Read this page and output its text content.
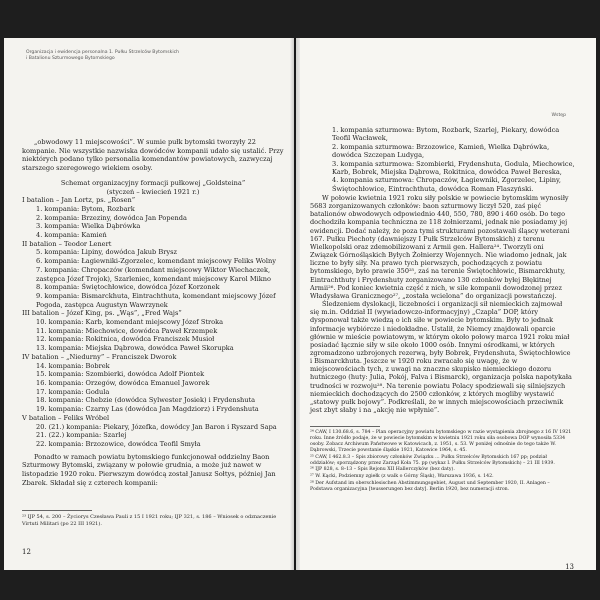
Organizacja i ewidencja personalna 1. Pułku Strzelców Bytomskich
i Batalionu Szturmowego Bytomskiego

„obwodowy 11 miejscowości”. W sumie pułk bytomski tworzyły 22 kompanie. Nie wszystkie nazwiska dowódców kompanii udało się ustalić. Przy niektórych podano tylko personalia komendantów powiatowych, zazwyczaj starszego szeregowego wiekiem osoby.

Schemat organizacyjny formacji pułkowej „Goldsteina”

(styczeń – kwiecień 1921 r.)

I batalion – Jan Lortz, ps. „Rosen”

1. kompania: Bytom, Rozbark

2. kompania: Brzeziny, dowódca Jan Popenda

3. kompania: Wielka Dąbrówka

4. kompania: Kamień

II batalion – Teodor Lenert

5. kompania: Lipiny, dowódca Jakub Brysz

6. kompania: Łagiewniki-Zgorzelec, komendant miejscowy Feliks Wolny

7. kompania: Chropaczów (komendant miejscowy Wiktor Wiechaczek, zastępca Józef Trojok), Szarleniec, komendant miejscowy Karol Mikno

8. kompania: Świętochłowice, dowódca Józef Korzonek

9. kompania: Bismarckhuta, Eintrachthuta, komendant miejscowy Józef Pogoda, zastępca Augustyn Wawrzynek

III batalion – Józef King, ps. „Wąs”, „Fred Wajs”

10. kompania: Karb, komendant miejscowy Józef Stroka

11. kompania: Miechowice, dowódca Paweł Krzempek

12. kompania: Rokitnica, dowódca Franciszek Musioł

13. kompania: Miejska Dąbrowa, dowódca Paweł Skorupka

IV batalion – „Niedurny” – Franciszek Dworok

14. kompania: Bobrek

15. kompania: Szombierki, dowódca Adolf Piontek

16. kompania: Orzegów, dowódca Emanuel Jaworek

17. kompania: Godula

18. kompania: Chebzie (dowódca Sylwester Josiek) i Frydenshuta

19. kompania: Czarny Las (dowódca Jan Magdziorz) i Frydenshuta

V batalion – Feliks Wróbel

20. (21.) kompania: Piekary, Józefka, dowódcy Jan Baron i Ryszard Sapa

21. (22.) kompania: Szarlej

22. kompania: Brzozowice, dowódca Teofil Smyła

Ponadto w ramach powiatu bytomskiego funkcjonował oddzielny Baon Szturmowy Bytomski, związany w połowie grudnia, a może już nawet w listopadzie 1920 roku. Pierwszym dowódcą został Janusz Sołtys, później Jan Zbarek. Składał się z czterech kompanii:

²³ IJP 54, s. 200 – Życiorys Czesława Pauli z 15 I 1921 roku; IJP 321, s. 186 – Wniosek o odznaczenie Virtuti Militari (po 22 III 1921).
12
Wstęp

1. kompania szturmowa: Bytom, Rozbark, Szarlej, Piekary, dowódca Teofil Wacławek,

2. kompania szturmowa: Brzozowice, Kamień, Wielka Dąbrówka, dowódca Szczepan Ludyga,

3. kompania szturmowa: Szombierki, Frydenshuta, Godula, Miechowice, Karb, Bobrek, Miejska Dąbrowa, Rokitnica, dowódca Paweł Bereska,

4. kompania szturmowa: Chropaczów, Łagiewniki, Zgorzelec, Lipiny, Świętochłowice, Eintrachthuta, dowódca Roman Flaszyński.

W połowie kwietnia 1921 roku siły polskie w powiecie bytomskim wynosiły 5683 zorganizowanych członków: baon szturmowy liczył 520, zaś pięć batalionów obwodowych odpowiednio 440, 550, 780, 890 i 460 osób. Do tego dochodziła kompania techniczna ze 118 żołnierzami, jednak nie posiadamy jej ewidencji. Dodać należy, że poza tymi strukturami pozostawali śląscy weterani 167. Pułku Piechoty (dawniejszy I Pułk Strzelców Bytomskich) z terenu Wielkopolski oraz zdemobilizowani z Armii gen. Hallera²⁴. Tworzyli oni Związek Górnośląskich Byłych Żołnierzy Wojennych. Nie wiadomo jednak, jak liczne to były siły. Na prawo tych pierwszych, pochodzących z powiatu bytomskiego, było prawie 350²⁵, zaś na terenie Świętochłowic, Bismarckhuty, Eintrachthuty i Frydenshuty zorganizowano 130 członków byłej Błękitnej Armii²⁶. Pod koniec kwietnia część z nich, w sile kompanii dowodzonej przez Władysława Granicznego²⁷, „została wcielona” do organizacji powstańczej.

Śledzeniem dyslokacji, liczebności i organizacji sił niemieckich zajmował się m.in. Oddział II (wywiadowczo-informacyjny) „Czapla” DOP, który dysponował także wiedzą o ich siłe w powiecie bytomskim. Były to jednak informacje wybiórcze i niedokładne. Ustalił, że Niemcy znajdowali oparcie głównie w mieście powiatowym, w którym około połowy marca 1921 roku miał posiadać łącznie siły w sile około 1000 osób. Innymi ośrodkami, w których zgromadzono uzbrojonych rezerwą, były Bobrek, Frydenshuta, Świętochłowice i Bismarckhuta. Jeszcze w 1920 roku zwracało się uwagę, że w miejscowościach tych, z uwagi na znaczne skupisko niemieckiego dozoru hutniczego (huty: Julia, Pokój, Falva i Bismarck), organizacja polska napotykała trudności w rozwoju²⁸. Na terenie powiatu Polacy spodziewali się silniejszych niemieckich dochodzących do 2500 członków, z których mogliby wystawić „statowy pułk bojowy”. Podkreślali, że w innych miejscowościach przeciwnik jest zbyt słaby i na „akcję nie wpłynie”.

²⁴ CAW, I 130.68.6, s. 784 – Plan operacyjny powiatu bytomskiego w razie wystąpienia zbrojnego z 16 IV 1921 roku. Inne źródło podaje, że w powiecie bytomskim w kwietniu 1921 roku siła osobowa DOP wynosiła 5334 osoby. Zobacz Archiwum Państwowe w Katowicach, z. 1951, s. 53. W poniżej odnośnie do tego także W. Dąbrowski, Trzecie powstanie śląskie 1921, Katowice 1964, s. 45.

²⁵ CAW, I 462.8.3 – Spis zbiorowy członków Związku ... Pułku Strzelców Bytomskich 167 pp; podział oddziałów; sporządzony przez Zarząd Koła 75. pp (wykaz I. Pułku Strzelców Bytomskich) – 21 III 1939.

²⁶ IJP 828, s. 8–13 – Spis Rejonu XII Hallerczyków (bez daty).

²⁷ W. Kącki, Podziemny zgiełk (z walk o Górny Śląsk), Warszawa 1936, s. 142.

²⁸ Der Aufstand im oberschlesischen Abstimmungsgebiet, August und September 1920, II. Anlagen – Podstawa organizacyjna [teusserungen bez daty]. Berlin 1920, bez numeracji stron.

13
